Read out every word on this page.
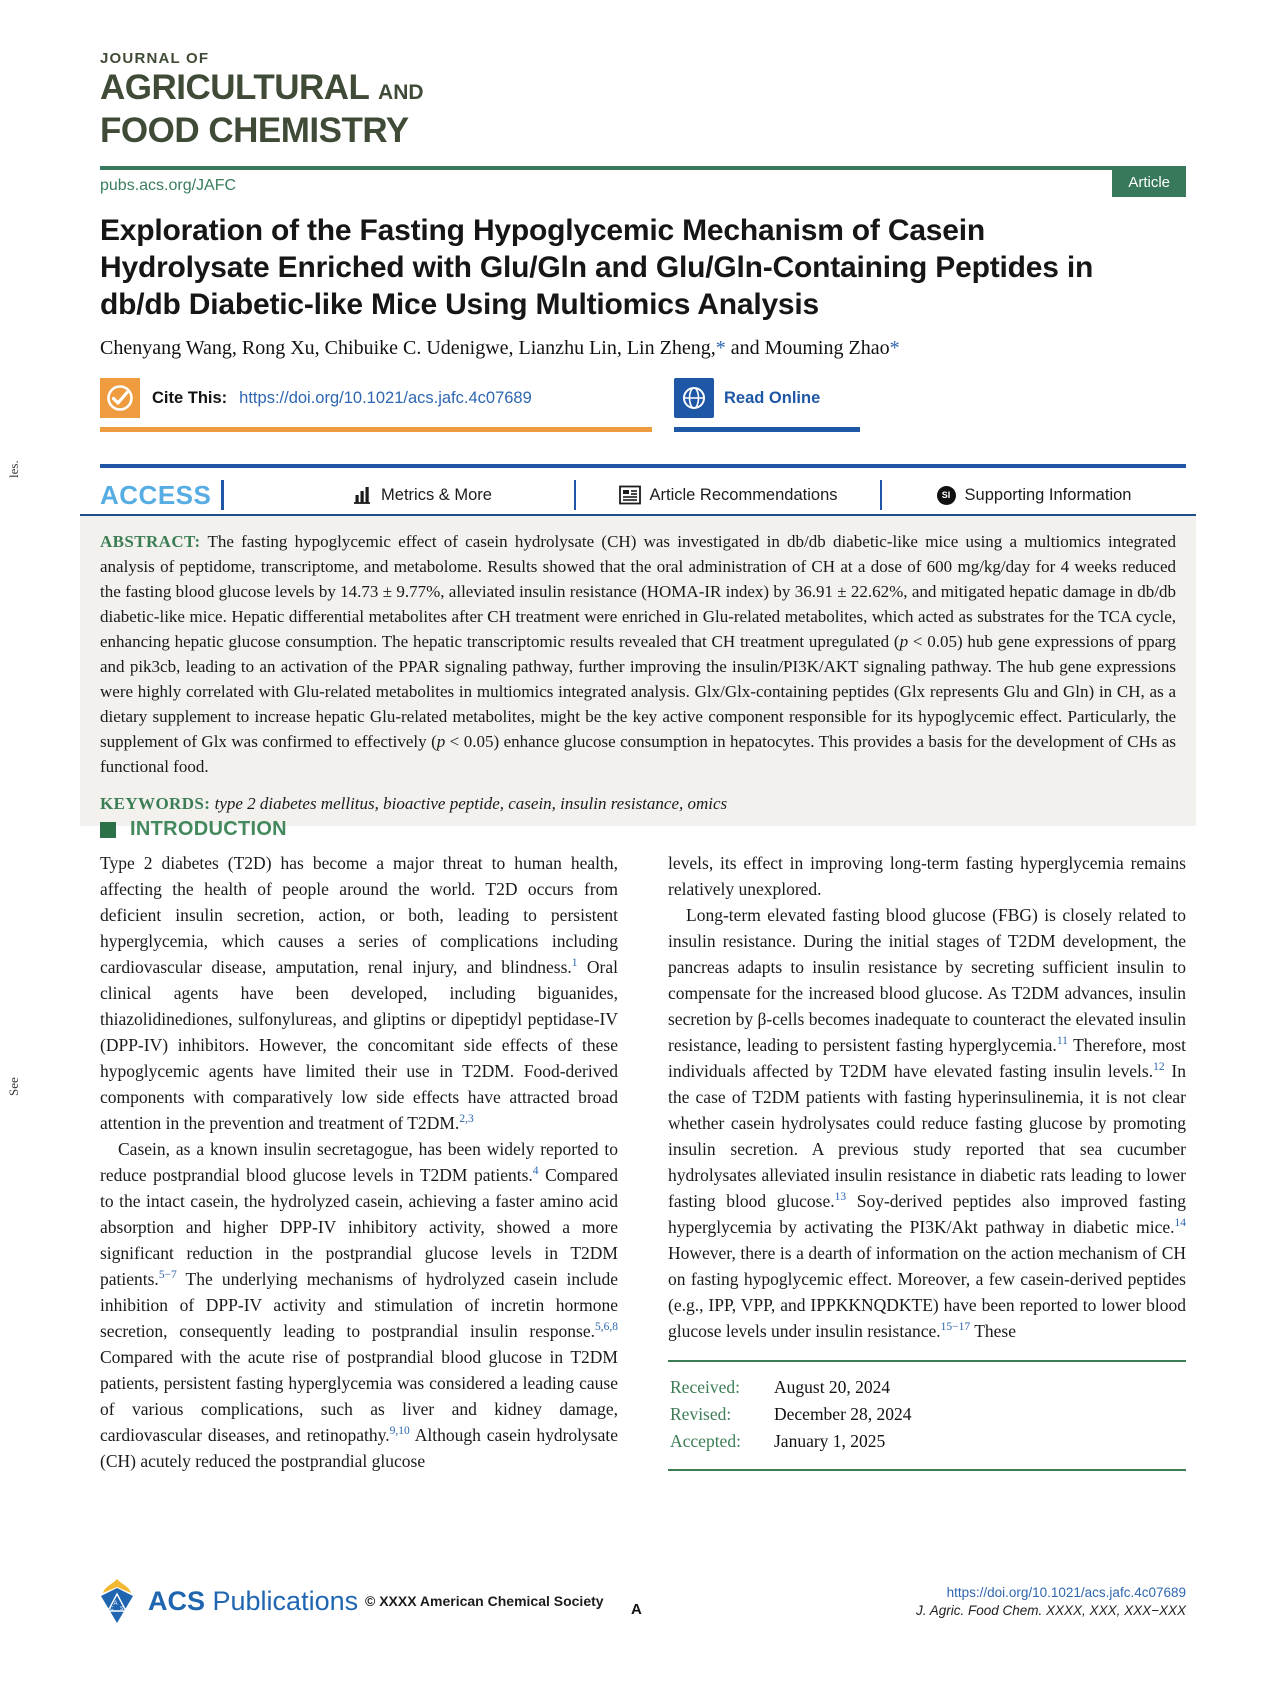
les.
See
JOURNAL OF
AGRICULTURAL AND
FOOD CHEMISTRY
pubs.acs.org/JAFC	Article
Exploration of the Fasting Hypoglycemic Mechanism of Casein Hydrolysate Enriched with Glu/Gln and Glu/Gln-Containing Peptides in db/db Diabetic-like Mice Using Multiomics Analysis
Chenyang Wang, Rong Xu, Chibuike C. Udenigwe, Lianzhu Lin, Lin Zheng,* and Mouming Zhao*
Cite This: https://doi.org/10.1021/acs.jafc.4c07689	Read Online
ACCESS	Metrics & More	Article Recommendations	SI Supporting Information

ABSTRACT: The fasting hypoglycemic effect of casein hydrolysate (CH) was investigated in db/db diabetic-like mice using a multiomics integrated analysis of peptidome, transcriptome, and metabolome. Results showed that the oral administration of CH at a dose of 600 mg/kg/day for 4 weeks reduced the fasting blood glucose levels by 14.73 ± 9.77%, alleviated insulin resistance (HOMA-IR index) by 36.91 ± 22.62%, and mitigated hepatic damage in db/db diabetic-like mice. Hepatic differential metabolites after CH treatment were enriched in Glu-related metabolites, which acted as substrates for the TCA cycle, enhancing hepatic glucose consumption. The hepatic transcriptomic results revealed that CH treatment upregulated (p < 0.05) hub gene expressions of pparg and pik3cb, leading to an activation of the PPAR signaling pathway, further improving the insulin/PI3K/AKT signaling pathway. The hub gene expressions were highly correlated with Glu-related metabolites in multiomics integrated analysis. Glx/Glx-containing peptides (Glx represents Glu and Gln) in CH, as a dietary supplement to increase hepatic Glu-related metabolites, might be the key active component responsible for its hypoglycemic effect. Particularly, the supplement of Glx was confirmed to effectively (p < 0.05) enhance glucose consumption in hepatocytes. This provides a basis for the development of CHs as functional food.

KEYWORDS: type 2 diabetes mellitus, bioactive peptide, casein, insulin resistance, omics

INTRODUCTION

Type 2 diabetes (T2D) has become a major threat to human health, affecting the health of people around the world. T2D occurs from deficient insulin secretion, action, or both, leading to persistent hyperglycemia, which causes a series of complications including cardiovascular disease, amputation, renal injury, and blindness.$^1$ Oral clinical agents have been developed, including biguanides, thiazolidinediones, sulfonylureas, and gliptins or dipeptidyl peptidase-IV (DPP-IV) inhibitors. However, the concomitant side effects of these hypoglycemic agents have limited their use in T2DM. Food-derived components with comparatively low side effects have attracted broad attention in the prevention and treatment of T2DM.$^{2,3}$

Casein, as a known insulin secretagogue, has been widely reported to reduce postprandial blood glucose levels in T2DM patients.$^4$ Compared to the intact casein, the hydrolyzed casein, achieving a faster amino acid absorption and higher DPP-IV inhibitory activity, showed a more significant reduction in the postprandial glucose levels in T2DM patients.$^{5-7}$ The underlying mechanisms of hydrolyzed casein include inhibition of DPP-IV activity and stimulation of incretin hormone secretion, consequently leading to postprandial insulin response.$^{5,6,8}$ Compared with the acute rise of postprandial blood glucose in T2DM patients, persistent fasting hyperglycemia was considered a leading cause of various complications, such as liver and kidney damage, cardiovascular diseases, and retinopathy.$^{9,10}$ Although casein hydrolysate (CH) acutely reduced the postprandial glucose

levels, its effect in improving long-term fasting hyperglycemia remains relatively unexplored.

Long-term elevated fasting blood glucose (FBG) is closely related to insulin resistance. During the initial stages of T2DM development, the pancreas adapts to insulin resistance by secreting sufficient insulin to compensate for the increased blood glucose. As T2DM advances, insulin secretion by β-cells becomes inadequate to counteract the elevated insulin resistance, leading to persistent fasting hyperglycemia.$^{11}$ Therefore, most individuals affected by T2DM have elevated fasting insulin levels.$^{12}$ In the case of T2DM patients with fasting hyperinsulinemia, it is not clear whether casein hydrolysates could reduce fasting glucose by promoting insulin secretion. A previous study reported that sea cucumber hydrolysates alleviated insulin resistance in diabetic rats leading to lower fasting blood glucose.$^{13}$ Soy-derived peptides also improved fasting hyperglycemia by activating the PI3K/Akt pathway in diabetic mice.$^{14}$ However, there is a dearth of information on the action mechanism of CH on fasting hypoglycemic effect. Moreover, a few casein-derived peptides (e.g., IPP, VPP, and IPPKKNQDKTE) have been reported to lower blood glucose levels under insulin resistance.$^{15-17}$ These

Received:	August 20, 2024
Revised:	December 28, 2024
Accepted:	January 1, 2025
A
C S ACS Publications © XXXX American Chemical Society A
https://doi.org/10.1021/acs.jafc.4c07689
J. Agric. Food Chem. XXXX, XXX, XXX−XXX
